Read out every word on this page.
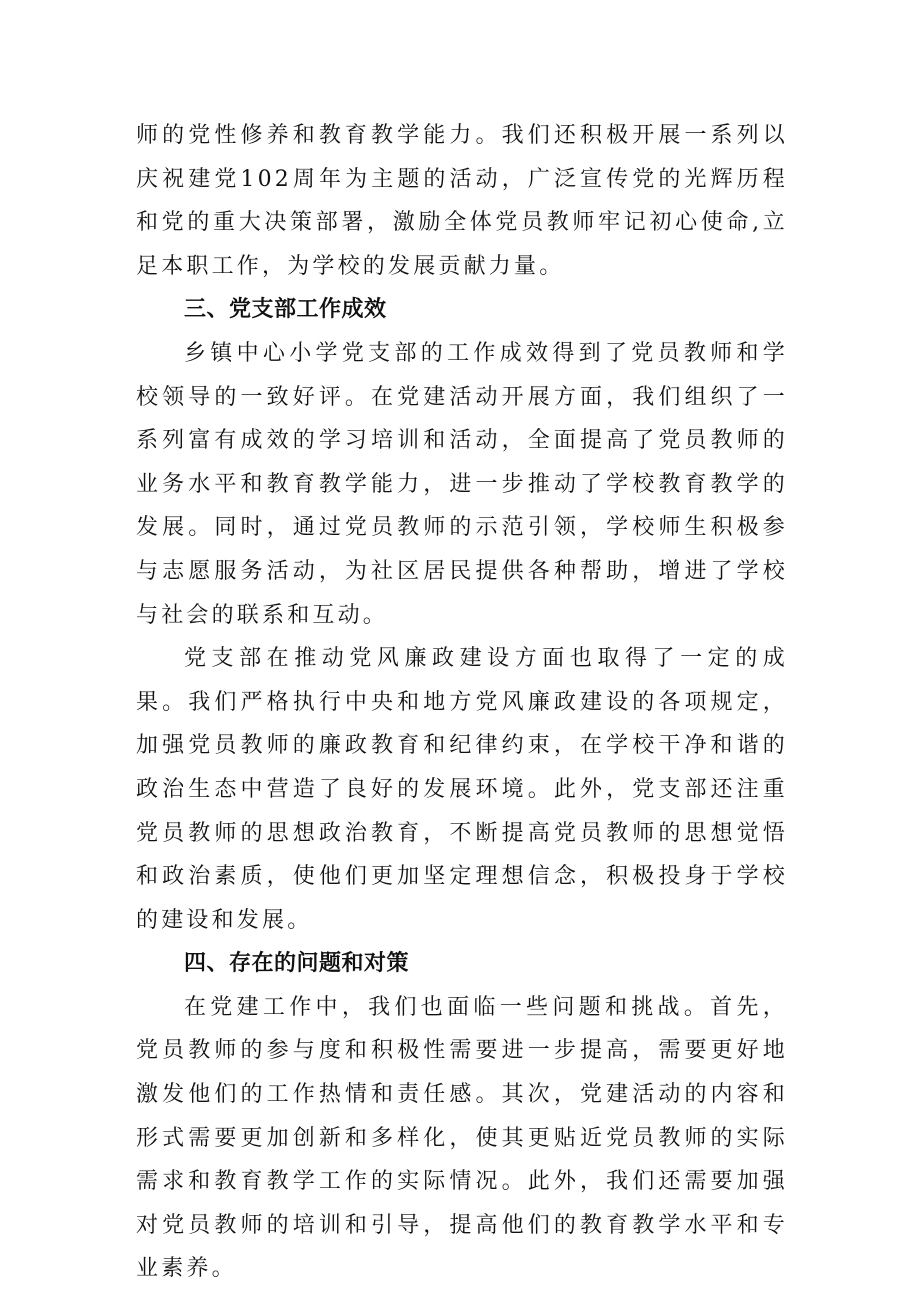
师的党性修养和教育教学能力。我们还积极开展一系列以庆祝建党102周年为主题的活动，广泛宣传党的光辉历程和党的重大决策部署，激励全体党员教师牢记初心使命,立足本职工作，为学校的发展贡献力量。

三、党支部工作成效

乡镇中心小学党支部的工作成效得到了党员教师和学校领导的一致好评。在党建活动开展方面，我们组织了一系列富有成效的学习培训和活动，全面提高了党员教师的业务水平和教育教学能力，进一步推动了学校教育教学的发展。同时，通过党员教师的示范引领，学校师生积极参与志愿服务活动，为社区居民提供各种帮助，增进了学校与社会的联系和互动。

党支部在推动党风廉政建设方面也取得了一定的成果。我们严格执行中央和地方党风廉政建设的各项规定，加强党员教师的廉政教育和纪律约束，在学校干净和谐的政治生态中营造了良好的发展环境。此外，党支部还注重党员教师的思想政治教育，不断提高党员教师的思想觉悟和政治素质，使他们更加坚定理想信念，积极投身于学校的建设和发展。

四、存在的问题和对策

在党建工作中，我们也面临一些问题和挑战。首先，党员教师的参与度和积极性需要进一步提高，需要更好地激发他们的工作热情和责任感。其次，党建活动的内容和形式需要更加创新和多样化，使其更贴近党员教师的实际需求和教育教学工作的实际情况。此外，我们还需要加强对党员教师的培训和引导，提高他们的教育教学水平和专业素养。
